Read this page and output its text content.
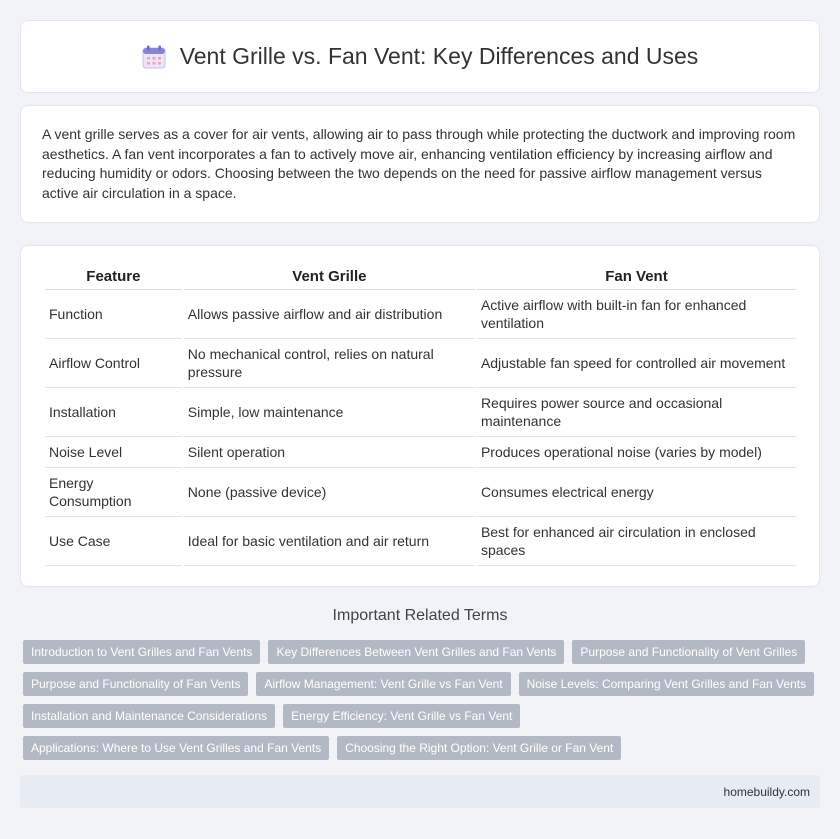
Vent Grille vs. Fan Vent: Key Differences and Uses

A vent grille serves as a cover for air vents, allowing air to pass through while protecting the ductwork and improving room aesthetics. A fan vent incorporates a fan to actively move air, enhancing ventilation efficiency by increasing airflow and reducing humidity or odors. Choosing between the two depends on the need for passive airflow management versus active air circulation in a space.

Feature	Vent Grille	Fan Vent
Function	Allows passive airflow and air distribution	Active airflow with built-in fan for enhanced ventilation
Airflow Control	No mechanical control, relies on natural pressure	Adjustable fan speed for controlled air movement
Installation	Simple, low maintenance	Requires power source and occasional maintenance
Noise Level	Silent operation	Produces operational noise (varies by model)
Energy Consumption	None (passive device)	Consumes electrical energy
Use Case	Ideal for basic ventilation and air return	Best for enhanced air circulation in enclosed spaces
Important Related Terms
Introduction to Vent Grilles and Fan Vents	Key Differences Between Vent Grilles and Fan Vents	Purpose and Functionality of Vent Grilles
Purpose and Functionality of Fan Vents	Airflow Management: Vent Grille vs Fan Vent	Noise Levels: Comparing Vent Grilles and Fan Vents
Installation and Maintenance Considerations	Energy Efficiency: Vent Grille vs Fan Vent
Applications: Where to Use Vent Grilles and Fan Vents	Choosing the Right Option: Vent Grille or Fan Vent
homebuildy.com
